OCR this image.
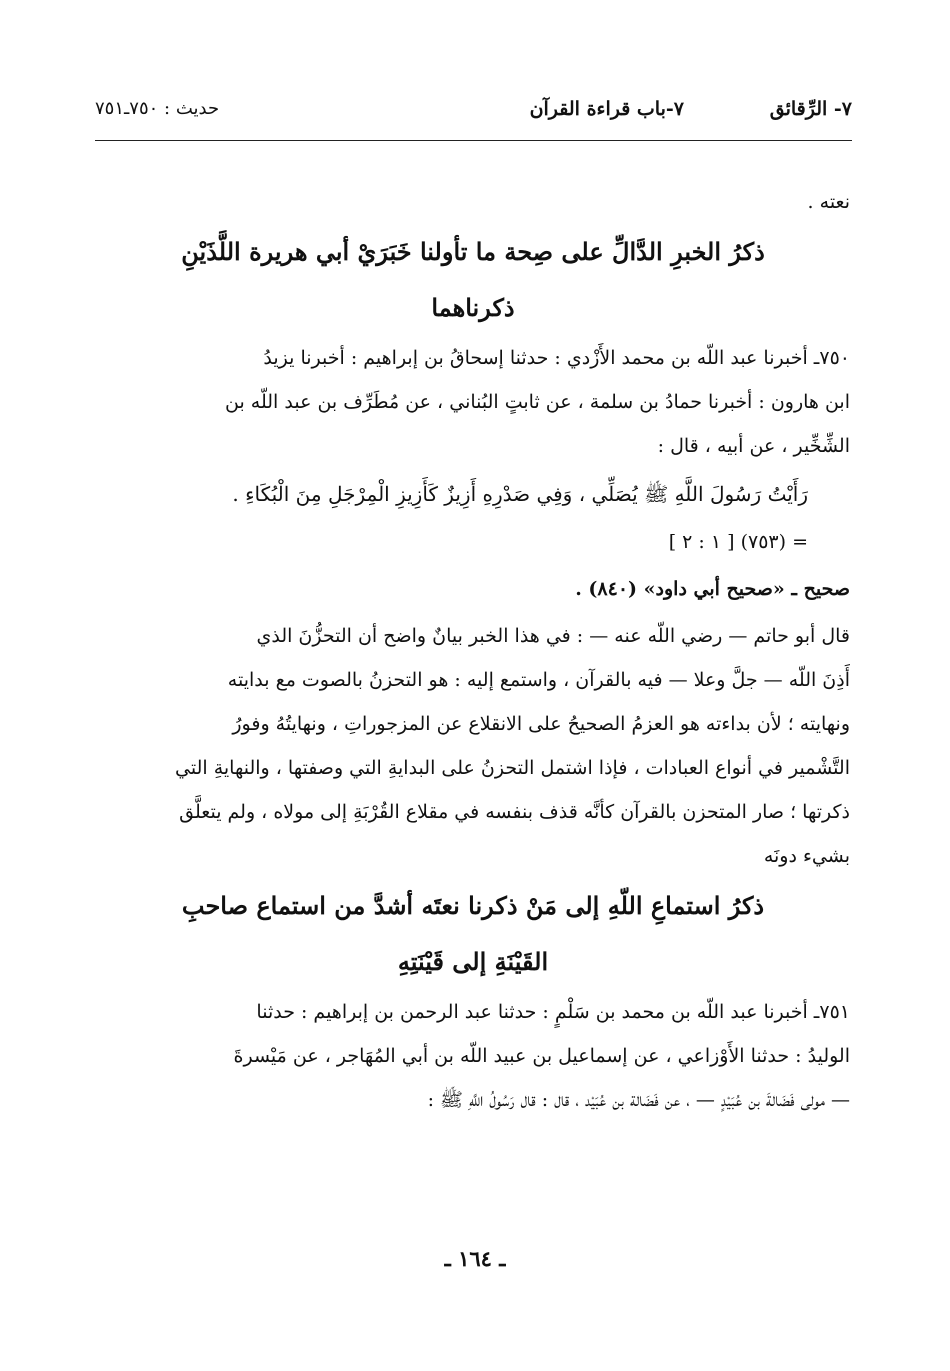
٧- الرِّقائق
٧-باب قراءة القرآن
حديث : ٧٥٠ـ٧٥١

نعته .

ذكرُ الخبرِ الدَّالِّ على صِحة ما تأولنا خَبَرَيْ أبي هريرة اللَّذَيْنِ

ذكرناهما

٧٥٠ـ أخبرنا عبد اللّه بن محمد الأَزْدي : حدثنا إسحاقُ بن إبراهيم : أخبرنا يزيدُ

ابن هارون : أخبرنا حمادُ بن سلمة ، عن ثابتٍ البُناني ، عن مُطَرِّف بن عبد اللّه بن

الشِّخِّير ، عن أبيه ، قال :

رَأَيْتُ رَسُولَ اللَّهِ ﷺ يُصَلِّي ، وَفِي صَدْرِهِ أَزِيزٌ كَأَزِيزِ الْمِرْجَلِ مِنَ الْبُكَاءِ .

= (٧٥٣) [ ١ : ٢ ]

صحيح ـ «صحيح أبي داود» (٨٤٠) .

قال أبو حاتم — رضي اللّه عنه — : في هذا الخبر بيانٌ واضح أن التحزُّنَ الذي

أَذِنَ اللّه — جلَّ وعلا — فيه بالقرآن ، واستمع إليه : هو التحزنُ بالصوت مع بدايته

ونهايته ؛ لأن بداءته هو العزمُ الصحيحُ على الانقلاع عن المزجوراتِ ، ونهايتُهُ وفورُ

التَّشْمير في أنواع العبادات ، فإذا اشتمل التحزنُ على البدايةِ التي وصفتها ، والنهايةِ التي

ذكرتها ؛ صار المتحزن بالقرآن كأنَّه قذف بنفسه في مقلاع القُرْبَةِ إلى مولاه ، ولم يتعلَّق

بشيء دونَه

ذكرُ استماعِ اللّهِ إلى مَنْ ذكرنا نعتَه أشدَّ من استماع صاحبِ

القَيْنَةِ إلى قَيْنَتِهِ

٧٥١ـ أخبرنا عبد اللّه بن محمد بن سَلْمٍ : حدثنا عبد الرحمن بن إبراهيم : حدثنا

الوليدُ : حدثنا الأَوْزاعي ، عن إسماعيل بن عبيد اللّه بن أبي المُهَاجر ، عن مَيْسرةَ

— مولى فَضَالةَ بن عُبَيْدٍ — ، عن فَضَالة بن عُبَيْد ، قال : قال رَسُولُ اللَّهِ ﷺ :

ـ ١٦٤ ـ
